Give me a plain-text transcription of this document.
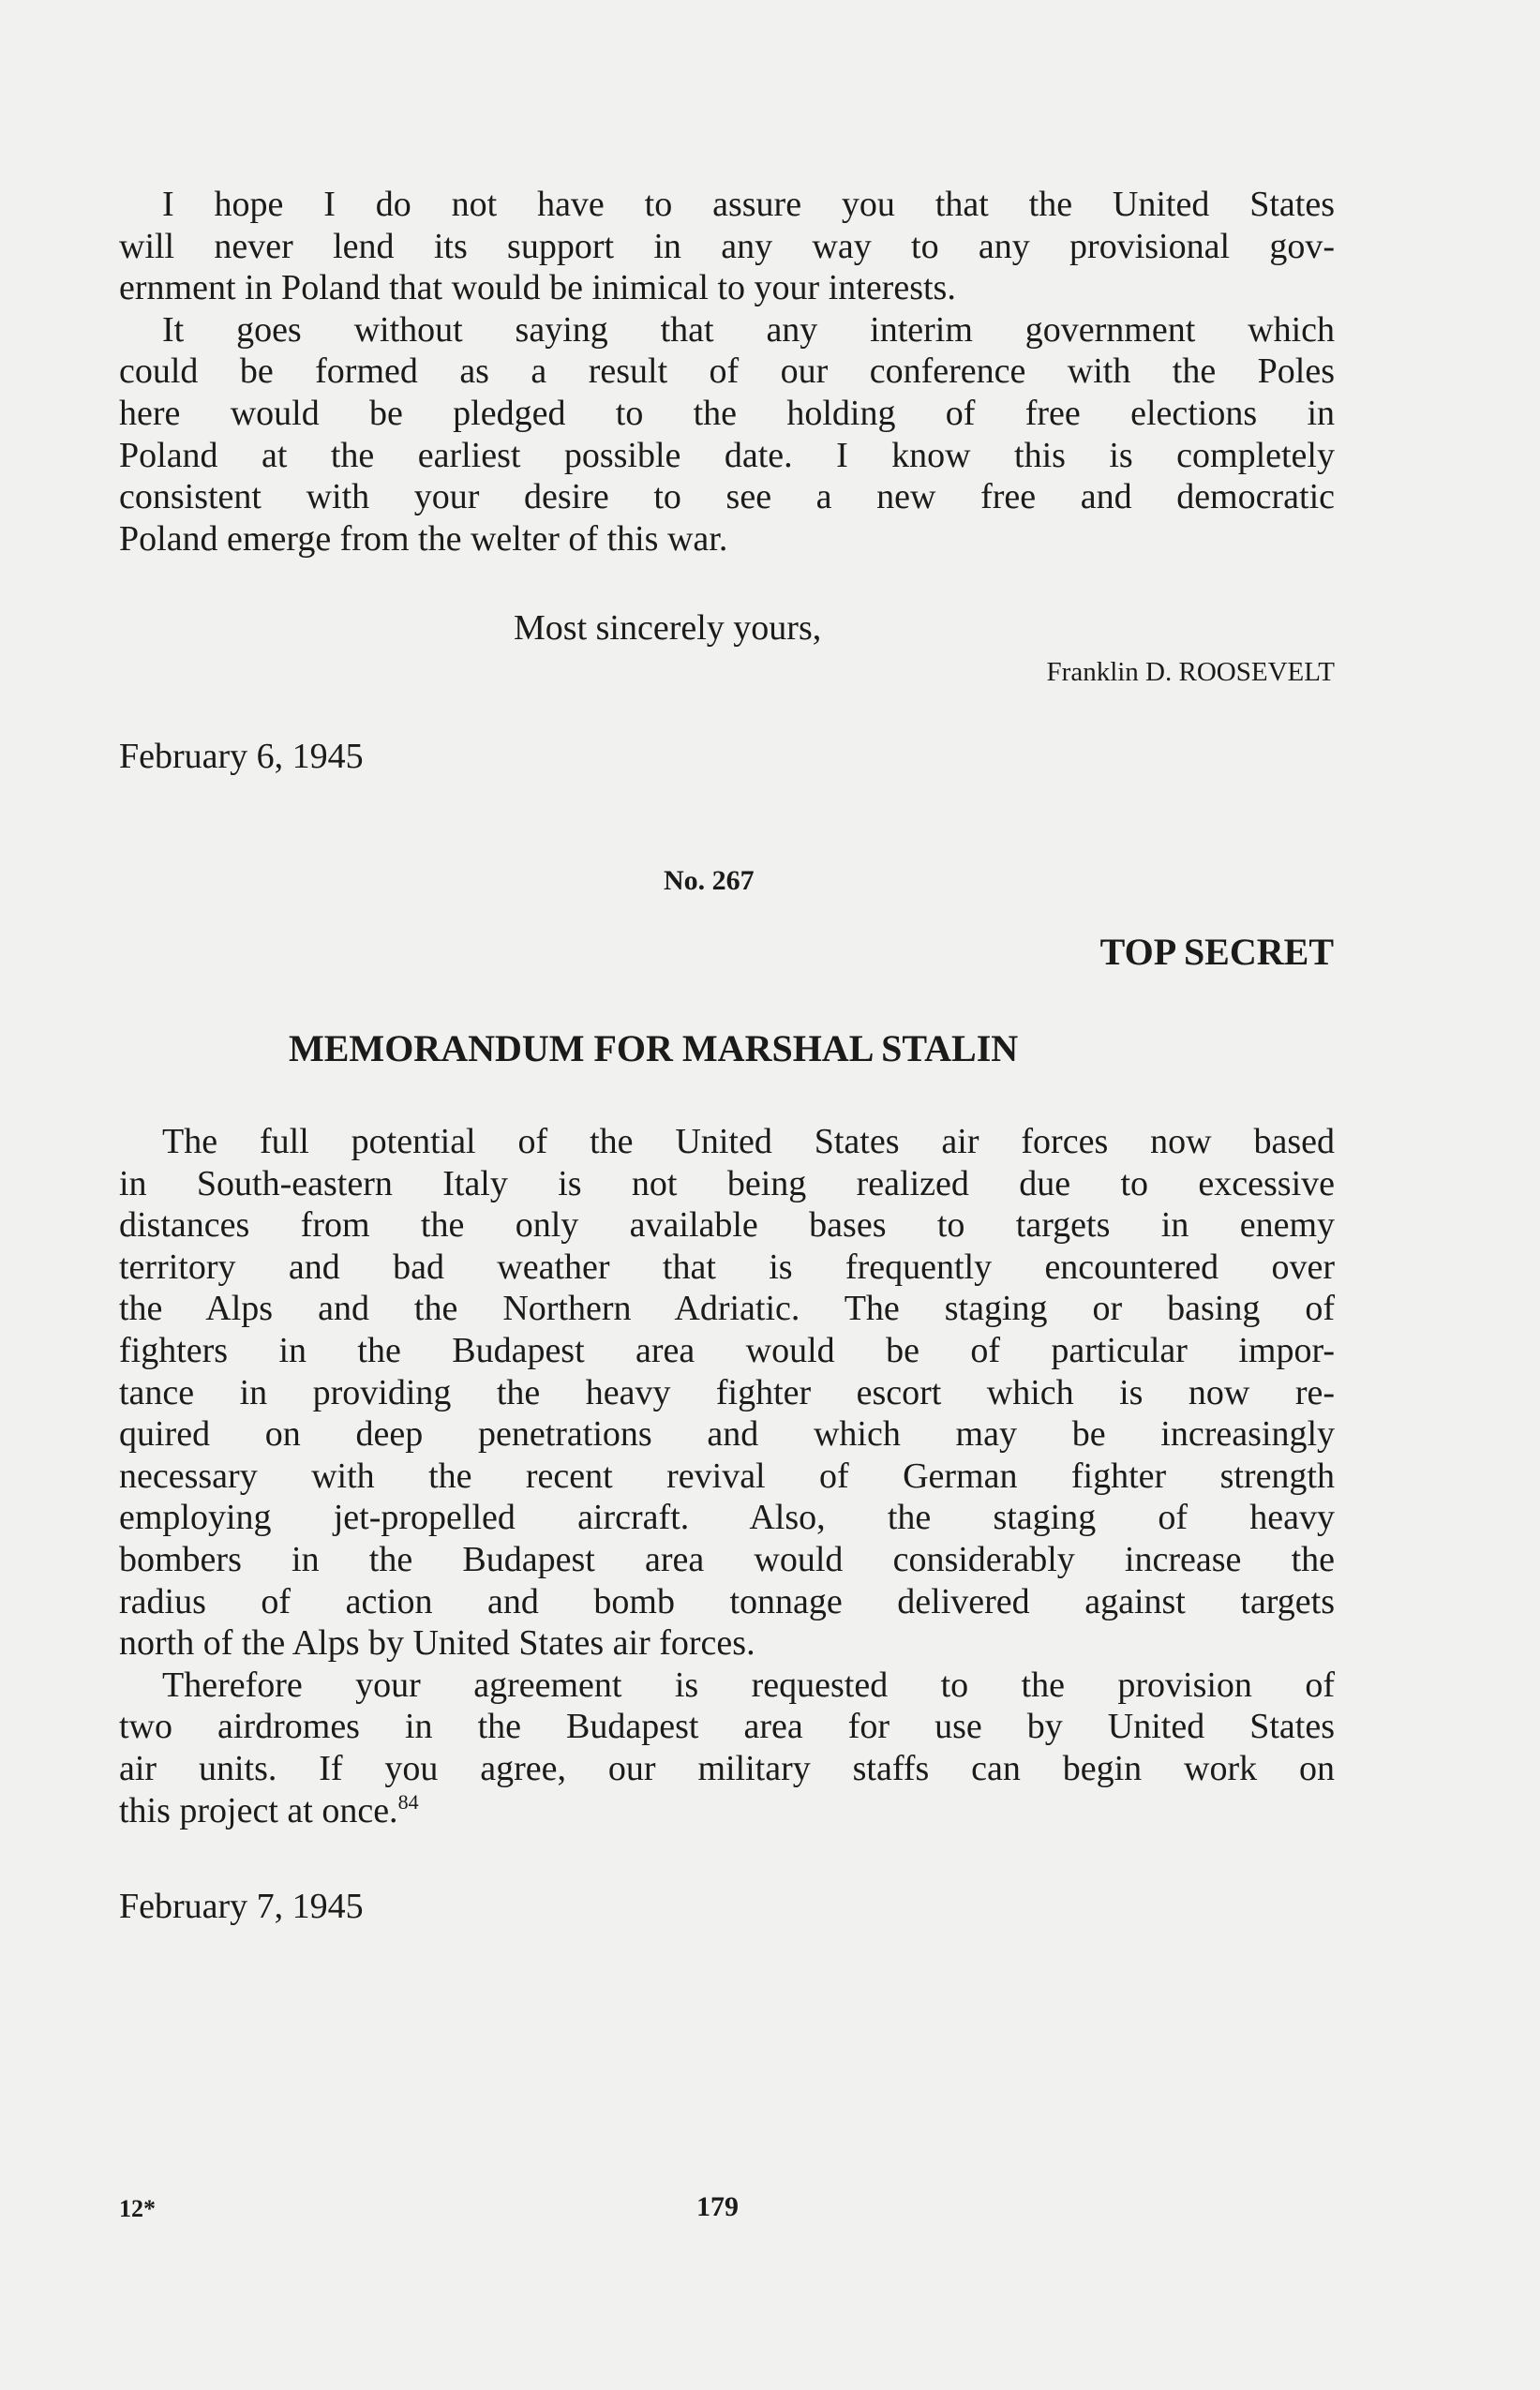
I hope I do not have to assure you that the United States
will never lend its support in any way to any provisional gov-
ernment in Poland that would be inimical to your interests.
It goes without saying that any interim government which
could be formed as a result of our conference with the Poles
here would be pledged to the holding of free elections in
Poland at the earliest possible date. I know this is completely
consistent with your desire to see a new free and democratic
Poland emerge from the welter of this war.
Most sincerely yours,
Franklin D. ROOSEVELT
February 6, 1945
No. 267
TOP SECRET
MEMORANDUM FOR MARSHAL STALIN
The full potential of the United States air forces now based
in South-eastern Italy is not being realized due to excessive
distances from the only available bases to targets in enemy
territory and bad weather that is frequently encountered over
the Alps and the Northern Adriatic. The staging or basing of
fighters in the Budapest area would be of particular impor-
tance in providing the heavy fighter escort which is now re-
quired on deep penetrations and which may be increasingly
necessary with the recent revival of German fighter strength
employing jet-propelled aircraft. Also, the staging of heavy
bombers in the Budapest area would considerably increase the
radius of action and bomb tonnage delivered against targets
north of the Alps by United States air forces.
Therefore your agreement is requested to the provision of
two airdromes in the Budapest area for use by United States
air units. If you agree, our military staffs can begin work on
this project at once.$^{84}$
February 7, 1945
12*	179
